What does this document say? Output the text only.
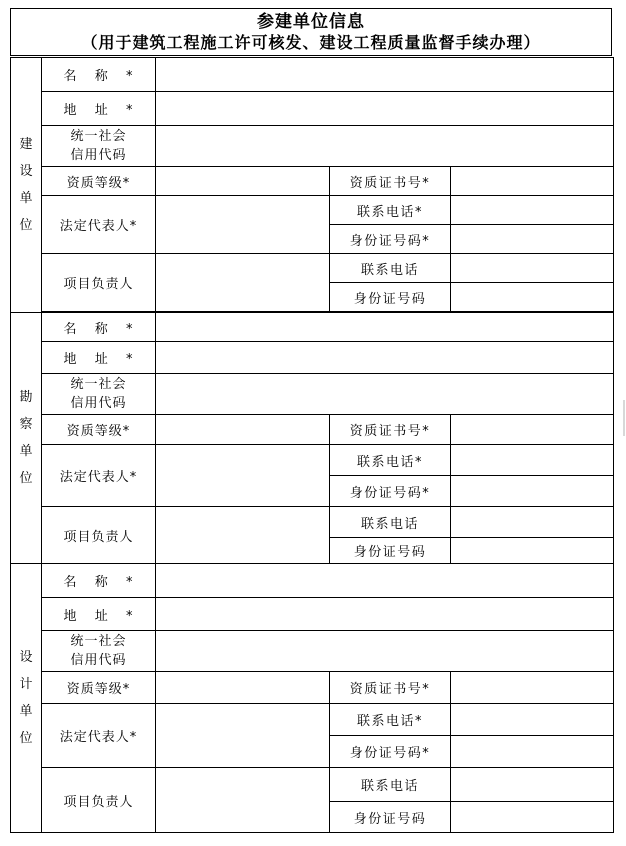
参建单位信息
（用于建筑工程施工许可核发、建设工程质量监督手续办理）
建
设
单
位	名称*			
	地址*			

	统一社会
信用代码			

	资质等级*		资质证书号*	
	法定代表人*		联系电话*	
			身份证号码*	
	项目负责人		联系电话	
			身份证号码	

勘
察
单
位	名称*			
	地址*			

	统一社会
信用代码			

	资质等级*		资质证书号*	
	法定代表人*		联系电话*	
			身份证号码*	
	项目负责人		联系电话	
			身份证号码	

设
计
单
位	名称*			
	地址*			

	统一社会
信用代码			

	资质等级*		资质证书号*	
	法定代表人*		联系电话*	
			身份证号码*	
	项目负责人		联系电话	
			身份证号码	
